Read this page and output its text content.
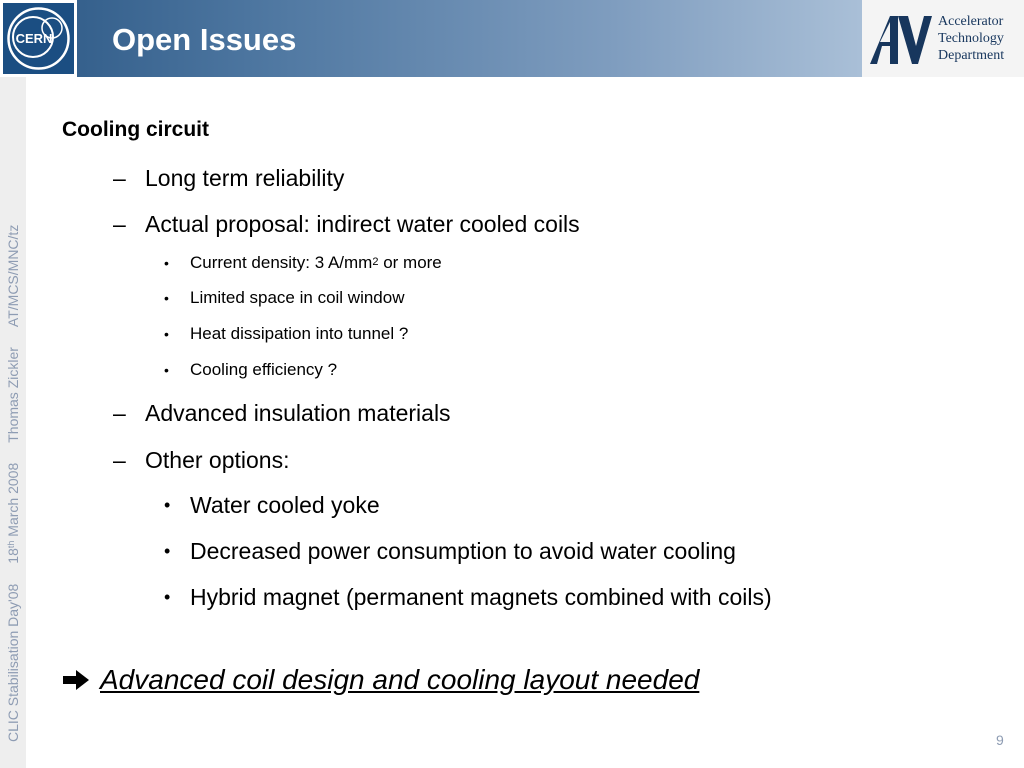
CERN Open Issues
Accelerator
Technology
Department
CLIC Stabilisation Day'0818th March 2008Thomas ZicklerAT/MCS/MNC/tz
Cooling circuit
– Long term reliability
– Actual proposal: indirect water cooled coils
• Current density: 3 $A/mm^2$ or more
• Limited space in coil window
• Heat dissipation into tunnel ?
• Cooling efficiency ?
– Advanced insulation materials
– Other options:
• Water cooled yoke
• Decreased power consumption to avoid water cooling
• Hybrid magnet (permanent magnets combined with coils)
Advanced coil design and cooling layout needed
9
